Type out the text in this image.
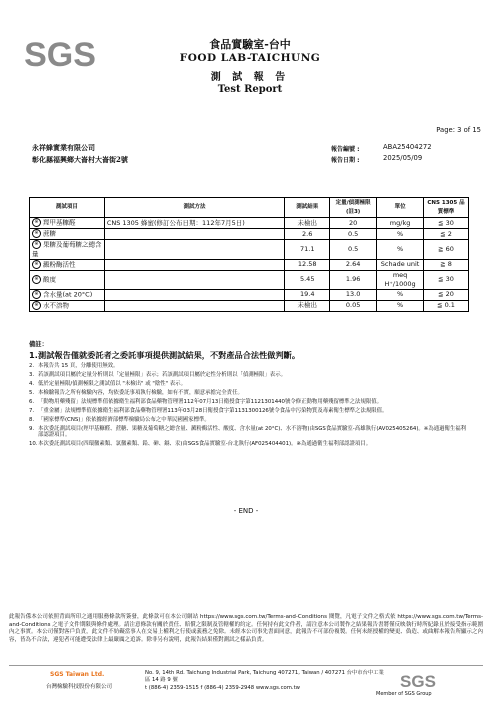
SGS	食品實驗室-台中
FOOD LAB-TAICHUNG
測 試 報 告
Test Report
Page: 3 of 15
永祥蜂實業有限公司
彰化縣福興鄉大崙村大崙街2號
報告編號 :	ABA25404272
報告日期 :	2025/05/09
測試項目	測試方法	測試結果	定量/偵測極限(註3)	單位	CNS 1305 品質標準
※ 羥甲基糠醛	CNS 1305 蜂蜜(修訂公布日期：112年7月5日)	未檢出	20	mg/kg	≦ 30
※ 蔗糖		2.6	0.5	%	≦ 2
※ 果糖及葡萄糖之總含量		71.1	0.5	%	≧ 60
※ 澱粉酶活性		12.58	2.64	Schade unit	≧ 8
※ 酸度		5.45	1.96	meq H⁺/1000g	≦ 30
※ 含水量(at 20°C)		19.4	13.0	%	≦ 20
※ 水不溶物		未檢出	0.05	%	≦ 0.1
備註：
1. 測試報告僅就委託者之委託事項提供測試結果，不對產品合法性做判斷。
2. 本報告共 15 頁，分離使用無效。
3. 若該測試項目屬於定量分析則以「定量極限」表示；若該測試項目屬於定性分析則以「偵測極限」表示。
4. 低於定量極限/偵測極限之測試值以 "未檢出" 或 "陰性" 表示。
5. 本檢驗報告之所有檢驗內容，均依委託事項執行檢驗，如有不實，願意承擔完全責任。
6. 「動物用藥殘留」法規標準值依據衛生福利部食品藥物管理署112年07月13日衛授食字第1121301440號令修正動物用藥殘留標準之法規限值。
7. 「重金屬」法規標準值依據衛生福利部食品藥物管理署113年03月28日衛授食字第1131300126號令食品中污染物質及毒素衛生標準之法規限值。
8. 「國家標準(CNS)」依依據經濟部標準檢驗局公布之中華民國國家標準。
9. 本次委託測試項目(羥甲基糠醛、蔗糖、果糖及葡萄糖之總含量、澱粉酶活性、酸度、含水量(at 20°C)、水不溶物)由SGS食品實驗室-高雄執行(AV025405264)。※為通過衛生福利部認證項目。
10. 本次委託測試項目(四環黴素類、氯黴素類、鉛、砷、鎘、汞)由SGS食品實驗室-台北執行(AF025404401)。※為通過衛生福利部認證項目。
- END -
此報告係本公司依照背面所印之通用服務條款所簽發，此條款可在本公司網站 https://www.sgs.com.tw/Terms-and-Conditions 閱覽，凡電子文件之格式依 https://www.sgs.com.tw/Terms-and-Conditions 之電子文件期限與條件處理。請注意條款有關於責任、賠償之限制及管轄權的約定。任何持有此文件者，請注意本公司製作之結果報告書將僅反映執行時所紀錄且於接受指示範圍內之事實。本公司僅對客戶負責，此文件不妨礙當事人在交易上權利之行使或義務之免除。未經本公司事先書面同意，此報告不可部份複製。任何未經授權的變更、偽造、或曲解本報告所顯示之內容，皆為不合法，違犯者可能遭受法律上最嚴厲之追訴。除非另有說明，此報告結果僅對測試之樣品負責。
SGS Taiwan Ltd.
台灣檢驗科技股份有限公司
No. 9, 14th Rd. Taichung Industrial Park, Taichung 407271, Taiwan / 407271 台中市台中工業區 14 路 9 號
t (886-4) 2359-1515 f (886-4) 2359-2948 www.sgs.com.tw	SGS
Member of SGS Group
